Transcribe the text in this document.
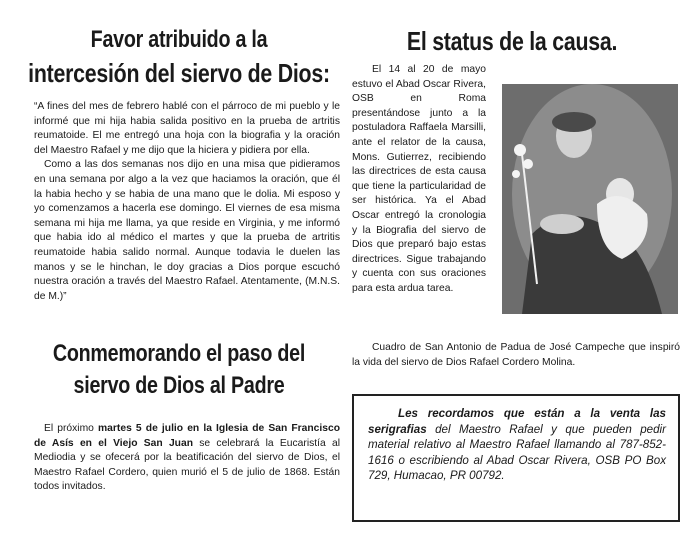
Favor atribuido a la
intercesión del siervo de Dios:

“A fines del mes de febrero hablé con el párroco de mi pueblo y le informé que mi hija habia salida positivo en la prueba de artritis reumatoide. El me entregó una hoja con la biografia y la oración del Maestro Rafael y me dijo que la hiciera y pidiera por ella.

Como a las dos semanas nos dijo en una misa que pidieramos en una semana por algo a la vez que haciamos la oración, que él la habia hecho y se habia de una mano que le dolia. Mi esposo y yo comenzamos a hacerla ese domingo. El viernes de esa misma semana mi hija me llama, ya que reside en Virginia, y me informó que habia ido al médico el martes y que la prueba de artritis reumatoide habia salido normal. Aunque todavia le duelen las manos y se le hinchan, le doy gracias a Dios porque escuchó nuestra oración a través del Maestro Rafael. Atentamente, (M.N.S. de M.)”

Conmemorando el paso del
siervo de Dios al Padre

El próximo martes 5 de julio en la Iglesia de San Francisco de Asís en el Viejo San Juan se celebrará la Eucaristía al Mediodia y se ofecerá por la beatificación del siervo de Dios, el Maestro Rafael Cordero, quien murió el 5 de julio de 1868. Están todos invitados.

El status de la causa.

El 14 al 20 de mayo estuvo el Abad Oscar Rivera, OSB en Roma presentándose junto a la postuladora Raffaela Marsilli, ante el relator de la causa, Mons. Gutierrez, recibiendo las directrices de esta causa que tiene la particularidad de ser histórica. Ya el Abad Oscar entregó la cronologia y la Biografia del siervo de Dios que preparó bajo estas directrices. Sigue trabajando y cuenta con sus oraciones para esta ardua tarea.

Cuadro de San Antonio de Padua de José Campeche que inspiró la vida del siervo de Dios Rafael Cordero Molina.

Les recordamos que están a la venta las serigrafias del Maestro Rafael y que pueden pedir material relativo al Maestro Rafael llamando al 787-852-1616 o escribiendo al Abad Oscar Rivera, OSB PO Box 729, Humacao, PR 00792.
